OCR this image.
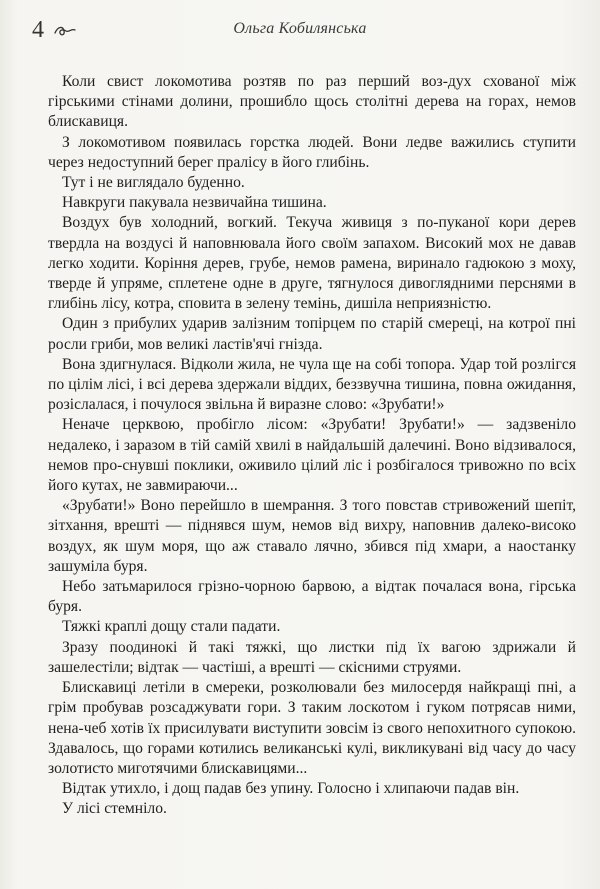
4	Ольга Кобилянська

Коли свист локомотива розтяв по раз перший воз-дух схованої між гірськими стінами долини, прошибло щось столітні дерева на горах, немов блискавиця.

З локомотивом появилась горстка людей. Вони ледве важились ступити через недоступний берег пралісу в його глибінь.

Тут і не виглядало буденно.

Навкруги пакувала незвичайна тишина.

Воздух був холодний, вогкий. Текуча живиця з по-пуканої кори дерев твердла на воздусі й наповнювала його своїм запахом. Високий мох не давав легко ходити. Коріння дерев, грубе, немов рамена, виринало гадюкою з моху, тверде й упряме, сплетене одне в друге, тягнулося дивоглядними перснями в глибінь лісу, котра, сповита в зелену темінь, дишіла неприязністю.

Один з прибулих ударив залізним топірцем по старій смереці, на котрої пні росли гриби, мов великі ластів'ячі гнізда.

Вона здигнулася. Відколи жила, не чула ще на собі топора. Удар той розлігся по цілім лісі, і всі дерева здержали віддих, беззвучна тишина, повна ожидання, розіслалася, і почулося звільна й виразне слово: «Зрубати!»

Неначе церквою, пробігло лісом: «Зрубати! Зрубати!» — задзвеніло недалеко, і заразом в тій самій хвилі в найдальшій далечині. Воно відзивалося, немов про-снувші поклики, оживило цілий ліс і розбігалося тривожно по всіх його кутах, не завмираючи...

«Зрубати!» Воно перейшло в шемрання. З того повстав стривожений шепіт, зітхання, врешті — піднявся шум, немов від вихру, наповнив далеко-високо воздух, як шум моря, що аж ставало лячно, збився під хмари, а наостанку зашуміла буря.

Небо затьмарилося грізно-чорною барвою, а відтак почалася вона, гірська буря.

Тяжкі краплі дощу стали падати.

Зразу поодинокі й такі тяжкі, що листки під їх вагою здрижали й зашелестіли; відтак — частіші, а врешті — скісними струями.

Блискавиці летіли в смереки, розколювали без милосердя найкращі пні, а грім пробував розсаджувати гори. З таким лоскотом і гуком потрясав ними, нена-чеб хотів їх присилувати виступити зовсім із свого непохитного супокою. Здавалось, що горами котились великанські кулі, викликувані від часу до часу золотисто миготячими блискавицями...

Відтак утихло, і дощ падав без упину. Голосно і хлипаючи падав він.

У лісі стемніло.
